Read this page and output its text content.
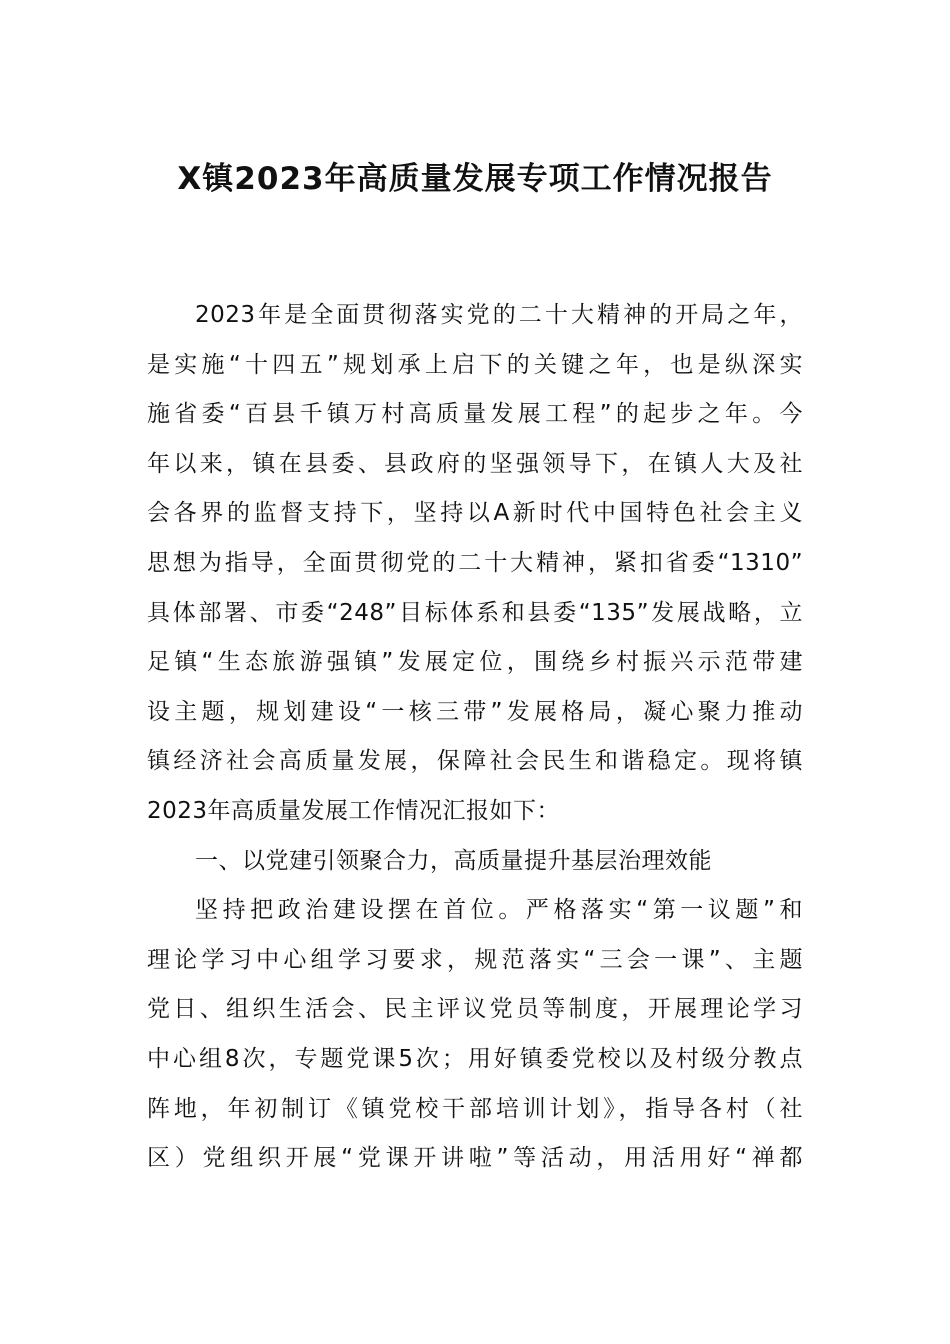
X镇2023年高质量发展专项工作情况报告
2023年是全面贯彻落实党的二十大精神的开局之年，
是实施“十四五”规划承上启下的关键之年，也是纵深实
施省委“百县千镇万村高质量发展工程”的起步之年。今
年以来，镇在县委、县政府的坚强领导下，在镇人大及社
会各界的监督支持下，坚持以A新时代中国特色社会主义
思想为指导，全面贯彻党的二十大精神，紧扣省委“1310”
具体部署、市委“248”目标体系和县委“135”发展战略，立
足镇“生态旅游强镇”发展定位，围绕乡村振兴示范带建
设主题，规划建设“一核三带”发展格局，凝心聚力推动
镇经济社会高质量发展，保障社会民生和谐稳定。现将镇
2023年高质量发展工作情况汇报如下：
一、以党建引领聚合力，高质量提升基层治理效能
坚持把政治建设摆在首位。严格落实“第一议题”和
理论学习中心组学习要求，规范落实“三会一课”、主题
党日、组织生活会、民主评议党员等制度，开展理论学习
中心组8次，专题党课5次；用好镇委党校以及村级分教点
阵地，年初制订《镇党校干部培训计划》，指导各村（社
区）党组织开展“党课开讲啦”等活动，用活用好“禅都
